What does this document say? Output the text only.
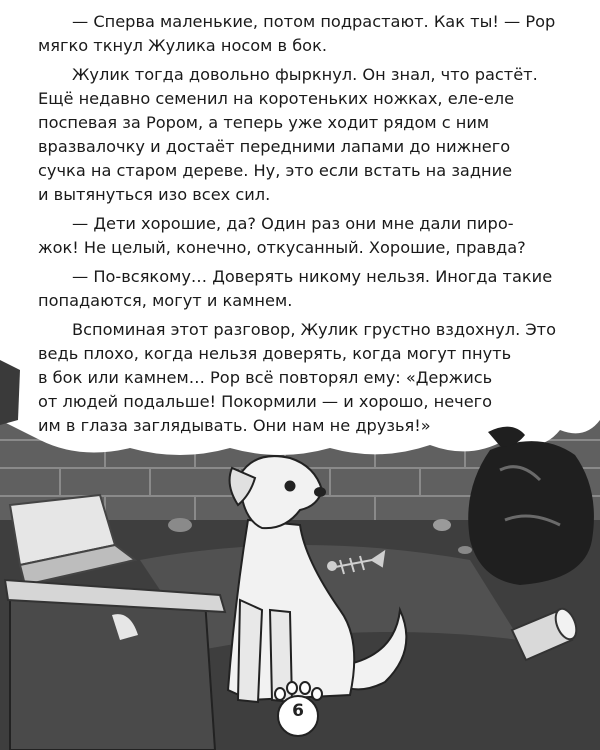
— Сперва маленькие, потом подрастают. Как ты! — Рор
мягко ткнул Жулика носом в бок.

Жулик тогда довольно фыркнул. Он знал, что растёт.
Ещё недавно семенил на коротеньких ножках, еле-еле
поспевая за Рором, а теперь уже ходит рядом с ним
вразвалочку и достаёт передними лапами до нижнего
сучка на старом дереве. Ну, это если встать на задние
и вытянуться изо всех сил.

— Дети хорошие, да? Один раз они мне дали пиро-
жок! Не целый, конечно, откусанный. Хорошие, правда?

— По-всякому… Доверять никому нельзя. Иногда такие
попадаются, могут и камнем.

Вспоминая этот разговор, Жулик грустно вздохнул. Это
ведь плохо, когда нельзя доверять, когда могут пнуть
в бок или камнем… Рор всё повторял ему: «Держись
от людей подальше! Покормили — и хорошо, нечего
им в глаза заглядывать. Они нам не друзья!»

6
